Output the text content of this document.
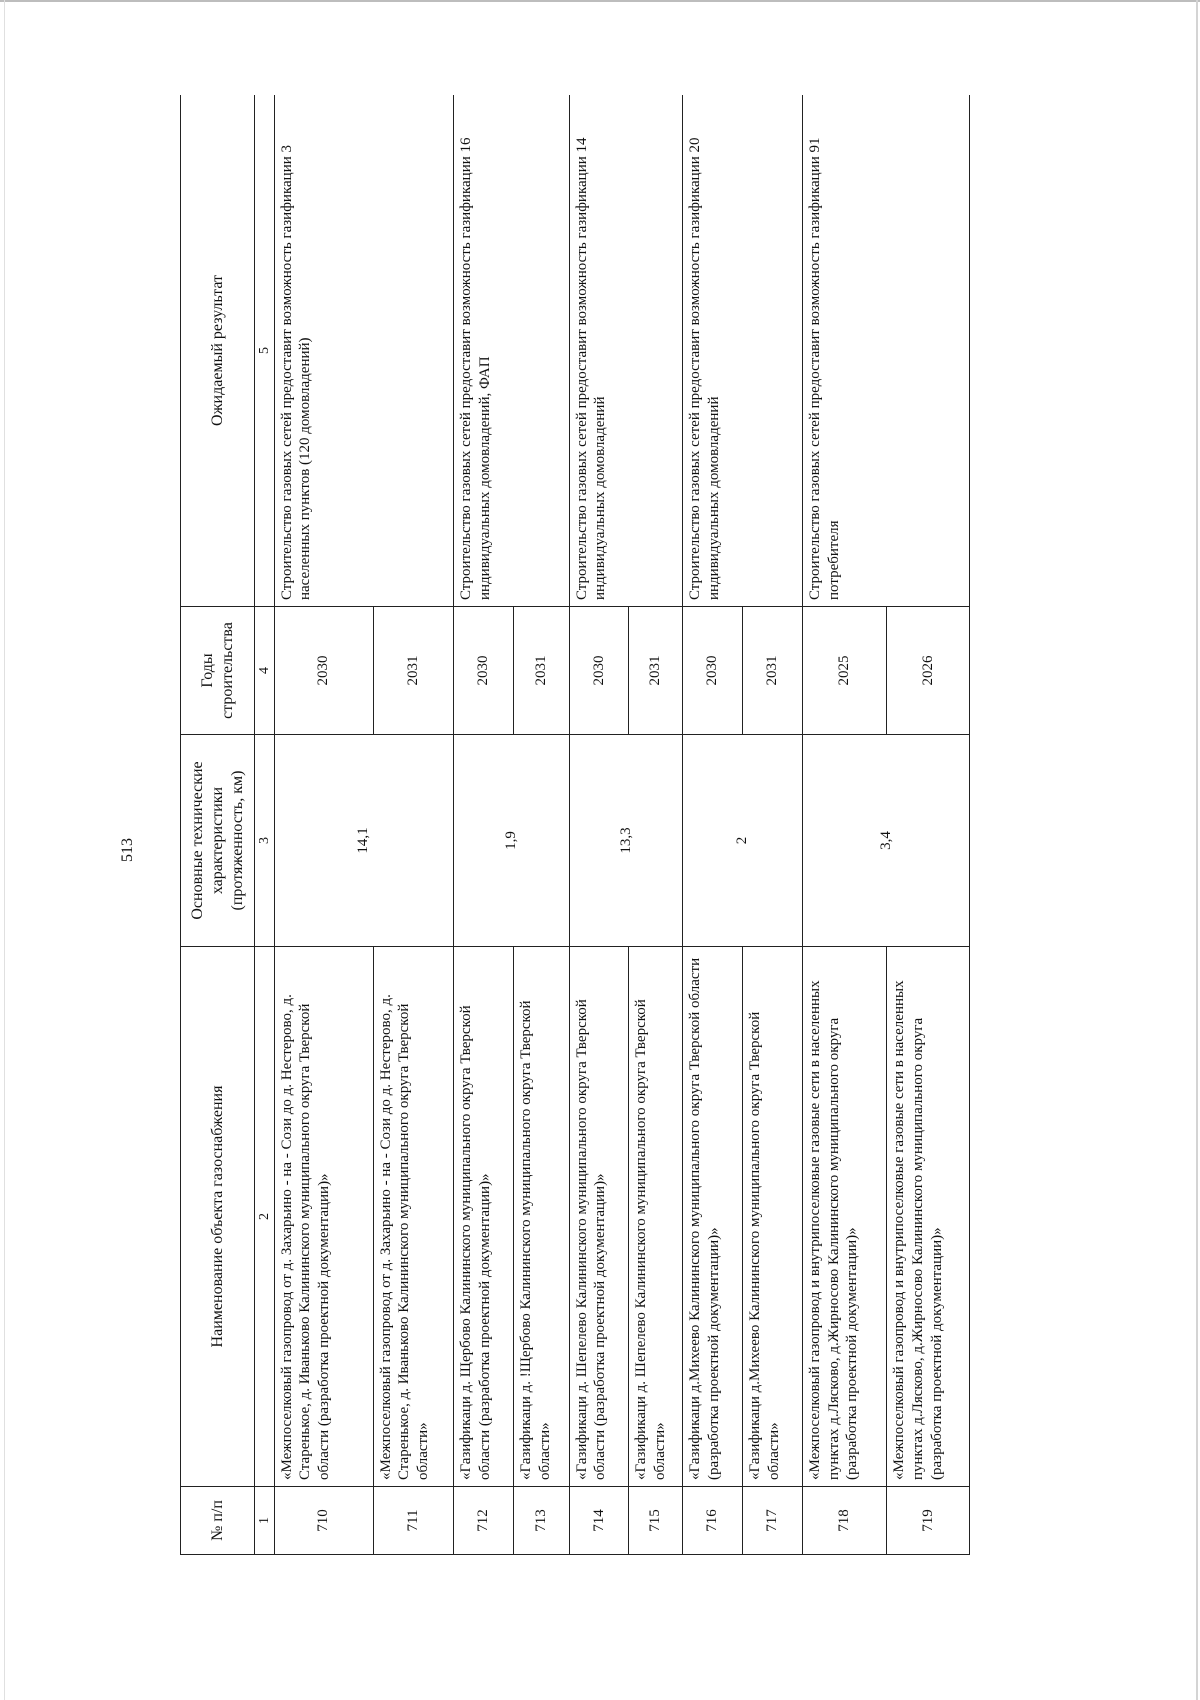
513
№ п/п	Наименование объекта газоснабжения	Основные технические характеристики (протяженность, км)	Годы строительства	Ожидаемый результат
1	2	3	4	5
710	«Межпоселковый газопровод от д. Захарьино - на - Сози до д. Нестерово, д. Старенькое, д. Иваньково Калининского муниципального округа Тверской области (разработка проектной документации)»	14,1	2030	Строительство газовых сетей предоставит возможность газификации 3 населенных пунктов (120 домовладений)
711	«Межпоселковый газопровод от д. Захарьино - на - Сози до д. Нестерово, д. Старенькое, д. Иваньково Калининского муниципального округа Тверской области»		2031	
712	«Газификаци д. Щербово Калининского муниципального округа Тверской области (разработка проектной документации)»	1,9	2030	Строительство газовых сетей предоставит возможность газификации 16 индивидуальных домовладений, ФАП
713	«Газификаци д. !Щербово Калининского муниципального округа Тверской области»		2031	
714	«Газификаци д. Шепелево Калининского муниципального округа Тверской области (разработка проектной документации)»	13,3	2030	Строительство газовых сетей предоставит возможность газификации 14 индивидуальных домовладений
715	«Газификаци д. Шепелево Калининского муниципального округа Тверской области»		2031	
716	«Газификаци д.Михеево Калининского муниципального округа Тверской области (разработка проектной документации)»	2	2030	Строительство газовых сетей предоставит возможность газификации 20 индивидуальных домовладений
717	«Газификаци д.Михеево Калининского муниципального округа Тверской области»		2031	
718	«Межпоселковый газопровод и внутрипоселковые газовые сети в населенных пунктах д.Лясково, д.Жирносово Калининского муниципального округа (разработка проектной документации)»	3,4	2025	Строительство газовых сетей предоставит возможность газификации 91 потребителя
719	«Межпоселковый газопровод и внутрипоселковые газовые сети в населенных пунктах д.Лясково, д.Жирносово Калининского муниципального округа (разработка проектной документации)»		2026	
